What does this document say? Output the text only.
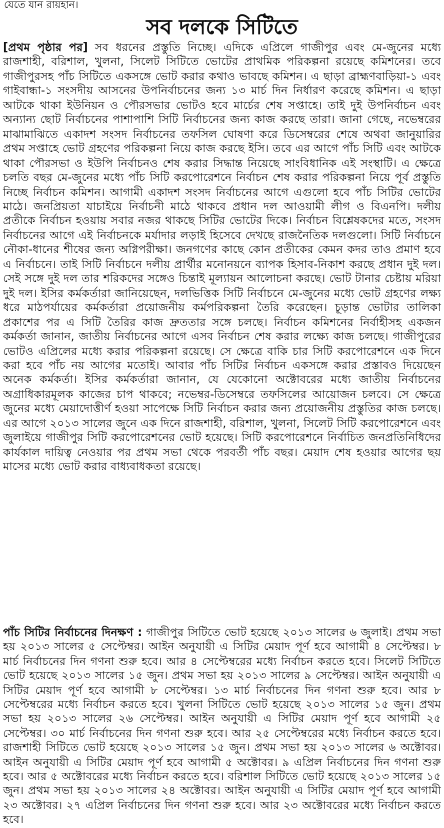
যেতে যান রায়হান।
সব দলকে সিটিতে

[প্রথম পৃষ্ঠার পর] সব ধরনের প্রস্তুতি নিচ্ছে। এদিকে এপ্রিলে গাজীপুর এবং মে-জুনের মধ্যে রাজশাহী, বরিশাল, খুলনা, সিলেট সিটিতে ভোটের প্রাথমিক পরিকল্পনা রয়েছে কমিশনের। তবে গাজীপুরসহ পাঁচ সিটিতে একসঙ্গে ভোট করার কথাও ভাবছে কমিশন। এ ছাড়া ব্রাহ্মণবাড়িয়া-১ এবং গাইবান্ধা-১ সংসদীয় আসনের উপনির্বাচনের জন্য ১৩ মার্চ দিন নির্ধারণ করেছে কমিশন। এ ছাড়া আটকে থাকা ইউনিয়ন ও পৌরসভার ভোটও হবে মার্চের শেষ সপ্তাহে। তাই দুই উপনির্বাচন এবং অন্যান্য ছোট নির্বাচনের পাশাপাশি সিটি নির্বাচনের জন্য কাজ করছে তারা। জানা গেছে, নভেম্বরের মাঝামাঝিতে একাদশ সংসদ নির্বাচনের তফসিল ঘোষণা করে ডিসেম্বরের শেষে অথবা জানুয়ারির প্রথম সপ্তাহে ভোট গ্রহণের পরিকল্পনা নিয়ে কাজ করছে ইসি। তবে এর আগে পাঁচ সিটি এবং আটকে থাকা পৌরসভা ও ইউপি নির্বাচনও শেষ করার সিদ্ধান্ত নিয়েছে সাংবিধানিক এই সংস্থাটি। এ ক্ষেত্রে চলতি বছর মে-জুনের মধ্যে পাঁচ সিটি করপোরেশনে নির্বাচন শেষ করার পরিকল্পনা নিয়ে পূর্ব প্রস্তুতি নিচ্ছে নির্বাচন কমিশন। আগামী একাদশ সংসদ নির্বাচনের আগে এগুলো হবে পাঁচ সিটির ভোটের মাঠে। জনপ্রিয়তা যাচাইয়ে নির্বাচনী মাঠে থাকবে প্রধান দল আওয়ামী লীগ ও বিএনপি। দলীয় প্রতীকে নির্বাচন হওয়ায় সবার নজর থাকছে সিটির ভোটের দিকে। নির্বাচন বিশ্লেষকদের মতে, সংসদ নির্বাচনের আগে এই নির্বাচনকে মর্যাদার লড়াই হিসেবে দেখছে রাজনৈতিক দলগুলো। সিটি নির্বাচনে নৌকা-ধানের শীষের জন্য অগ্নিপরীক্ষা। জনগণের কাছে কোন প্রতীকের কেমন কদর তাও প্রমাণ হবে এ নির্বাচনে। তাই সিটি নির্বাচনে দলীয় প্রার্থীর মনোনয়নে ব্যাপক হিসাব-নিকাশ করছে প্রধান দুই দল। সেই সঙ্গে দুই দল তার শরিকদের সঙ্গেও চিন্তাই মূল্যায়ন আলোচনা করছে। ভোট টানার চেষ্টায় মরিয়া দুই দল। ইসির কর্মকর্তারা জানিয়েছেন, দলভিত্তিক সিটি নির্বাচনে মে-জুনের মধ্যে ভোট গ্রহণের লক্ষ্য ধরে মাঠপর্যায়ের কর্মকর্তারা প্রয়োজনীয় কর্মপরিকল্পনা তৈরি করেছেন। চূড়ান্ত ভোটার তালিকা প্রকাশের পর এ সিটি তৈরির কাজ দ্রুততার সঙ্গে চলছে। নির্বাচন কমিশনের নির্বাহীসহ একজন কর্মকর্তা জানান, জাতীয় নির্বাচনের আগে এসব নির্বাচন শেষ করার লক্ষ্যে কাজ চলছে। গাজীপুরের ভোটও এপ্রিলের মধ্যে করার পরিকল্পনা রয়েছে। সে ক্ষেত্রে বাকি চার সিটি করপোরেশনে এক দিনে করা হবে পাঁচ নয় আগের মতোই। আবার পাঁচ সিটির নির্বাচন একসঙ্গে করার প্রস্তাবও দিয়েছেন অনেক কর্মকর্তা। ইসির কর্মকর্তারা জানান, যে যেকোনো অক্টোবরের মধ্যে জাতীয় নির্বাচনের অগ্রাধিকারমূলক কাজের চাপ থাকবে; নভেম্বর-ডিসেম্বরে তফসিলের আয়োজন চলবে। সে ক্ষেত্রে জুনের মধ্যে মেয়াদোত্তীর্ণ হওয়া সাপেক্ষে সিটি নির্বাচন করার জন্য প্রয়োজনীয় প্রস্তুতির কাজ চলছে। এর আগে ২০১৩ সালের জুনে এক দিনে রাজশাহী, বরিশাল, খুলনা, সিলেট সিটি করপোরেশনে এবং জুলাইয়ে গাজীপুর সিটি করপোরেশনের ভোট হয়েছে। সিটি করপোরেশনে নির্বাচিত জনপ্রতিনিধিদের কার্যকাল দায়িত্ব নেওয়ার পর প্রথম সভা থেকে পরবর্তী পাঁচ বছর। মেয়াদ শেষ হওয়ার আগের ছয় মাসের মধ্যে ভোট করার বাধ্যবাধকতা রয়েছে।

পাঁচ সিটির নির্বাচনের দিনক্ষণ : গাজীপুর সিটিতে ভোট হয়েছে ২০১৩ সালের ৬ জুলাই। প্রথম সভা হয় ২০১৩ সালের ৫ সেপ্টেম্বর। আইন অনুযায়ী এ সিটির মেয়াদ পূর্ণ হবে আগামী ৪ সেপ্টেম্বর। ৮ মার্চ নির্বাচনের দিন গণনা শুরু হবে। আর ৪ সেপ্টেম্বরের মধ্যে নির্বাচন করতে হবে। সিলেট সিটিতে ভোট হয়েছে ২০১৩ সালের ১৫ জুন। প্রথম সভা হয় ২০১৩ সালের ৯ সেপ্টেম্বর। আইন অনুযায়ী এ সিটির মেয়াদ পূর্ণ হবে আগামী ৮ সেপ্টেম্বর। ১৩ মার্চ নির্বাচনের দিন গণনা শুরু হবে। আর ৮ সেপ্টেম্বরের মধ্যে নির্বাচন করতে হবে। খুলনা সিটিতে ভোট হয়েছে ২০১৩ সালের ১৫ জুন। প্রথম সভা হয় ২০১৩ সালের ২৬ সেপ্টেম্বর। আইন অনুযায়ী এ সিটির মেয়াদ পূর্ণ হবে আগামী ২৫ সেপ্টেম্বর। ৩০ মার্চ নির্বাচনের দিন গণনা শুরু হবে। আর ২৫ সেপ্টেম্বরের মধ্যে নির্বাচন করতে হবে। রাজশাহী সিটিতে ভোট হয়েছে ২০১৩ সালের ১৫ জুন। প্রথম সভা হয় ২০১৩ সালের ৬ অক্টোবর। আইন অনুযায়ী এ সিটির মেয়াদ পূর্ণ হবে আগামী ৫ অক্টোবর। ৯ এপ্রিল নির্বাচনের দিন গণনা শুরু হবে। আর ৫ অক্টোবরের মধ্যে নির্বাচন করতে হবে। বরিশাল সিটিতে ভোট হয়েছে ২০১৩ সালের ১৫ জুন। প্রথম সভা হয় ২০১৩ সালের ২৪ অক্টোবর। আইন অনুযায়ী এ সিটির মেয়াদ পূর্ণ হবে আগামী ২৩ অক্টোবর। ২৭ এপ্রিল নির্বাচনের দিন গণনা শুরু হবে। আর ২৩ অক্টোবরের মধ্যে নির্বাচন করতে হবে।
